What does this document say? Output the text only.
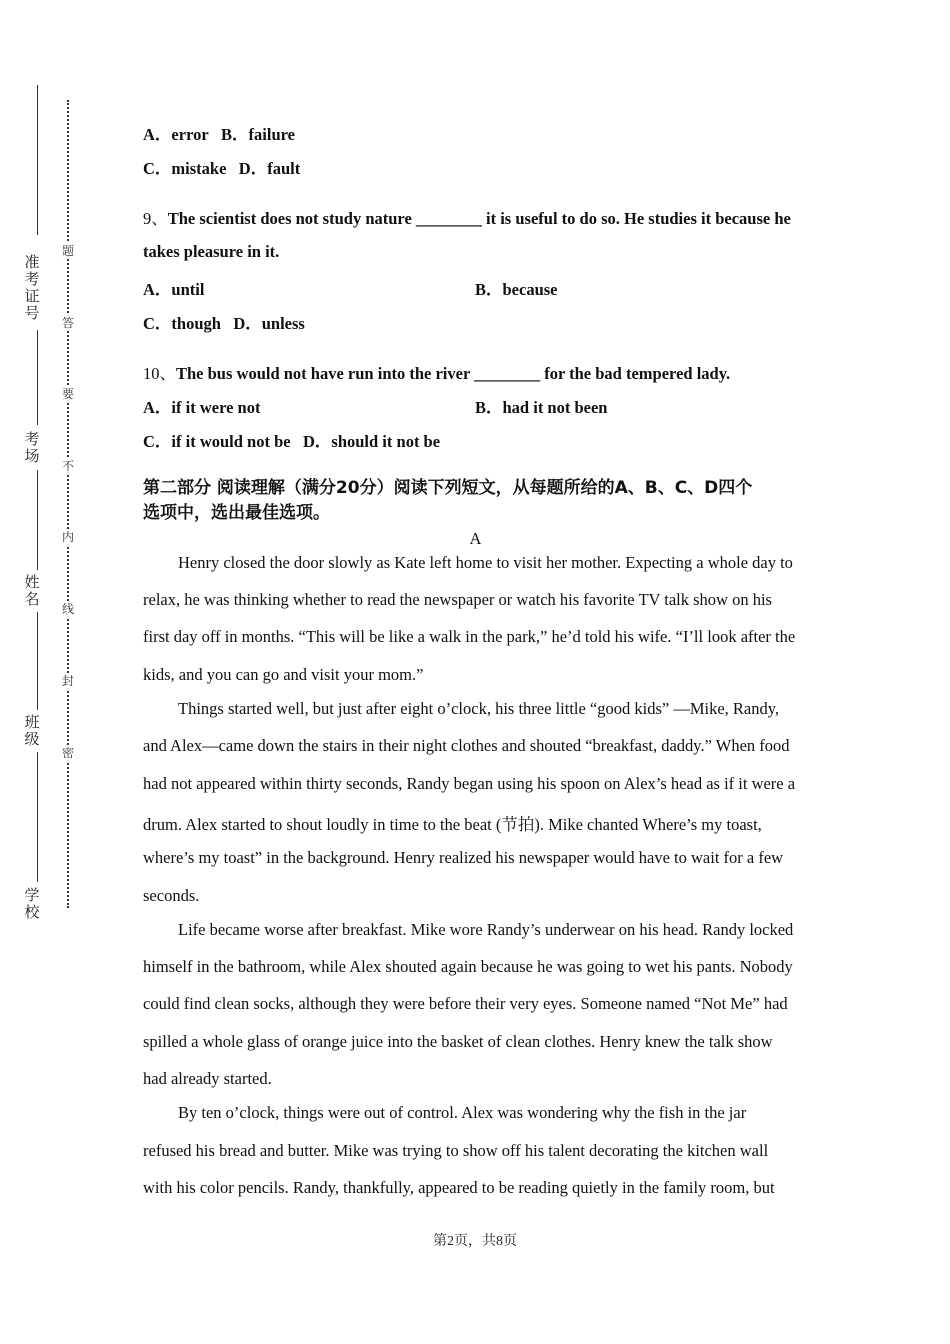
准
考
证
号
考
场
姓
名
班
级
学
校
题
答
要
不
内
线
封
密
A．error B．failure
C．mistake D．fault
9、The scientist does not study nature ________ it is useful to do so. He studies it because he
takes pleasure in it.
A．until	B．because
C．though D．unless
10、The bus would not have run into the river ________ for the bad tempered lady.
A．if it were not	B．had it not been
C．if it would not be D．should it not be
第二部分 阅读理解（满分20分）阅读下列短文，从每题所给的A、B、C、D四个
选项中，选出最佳选项。
A
Henry closed the door slowly as Kate left home to visit her mother. Expecting a whole day to
relax, he was thinking whether to read the newspaper or watch his favorite TV talk show on his
first day off in months. “This will be like a walk in the park,” he’d told his wife. “I’ll look after the
kids, and you can go and visit your mom.”
Things started well, but just after eight o’clock, his three little “good kids” —Mike, Randy,
and Alex—came down the stairs in their night clothes and shouted “breakfast, daddy.” When food
had not appeared within thirty seconds, Randy began using his spoon on Alex’s head as if it were a
drum. Alex started to shout loudly in time to the beat (节拍). Mike chanted Where’s my toast,
where’s my toast” in the background. Henry realized his newspaper would have to wait for a few
seconds.
Life became worse after breakfast. Mike wore Randy’s underwear on his head. Randy locked
himself in the bathroom, while Alex shouted again because he was going to wet his pants. Nobody
could find clean socks, although they were before their very eyes. Someone named “Not Me” had
spilled a whole glass of orange juice into the basket of clean clothes. Henry knew the talk show
had already started.
By ten o’clock, things were out of control. Alex was wondering why the fish in the jar
refused his bread and butter. Mike was trying to show off his talent decorating the kitchen wall
with his color pencils. Randy, thankfully, appeared to be reading quietly in the family room, but
第2页，共8页
